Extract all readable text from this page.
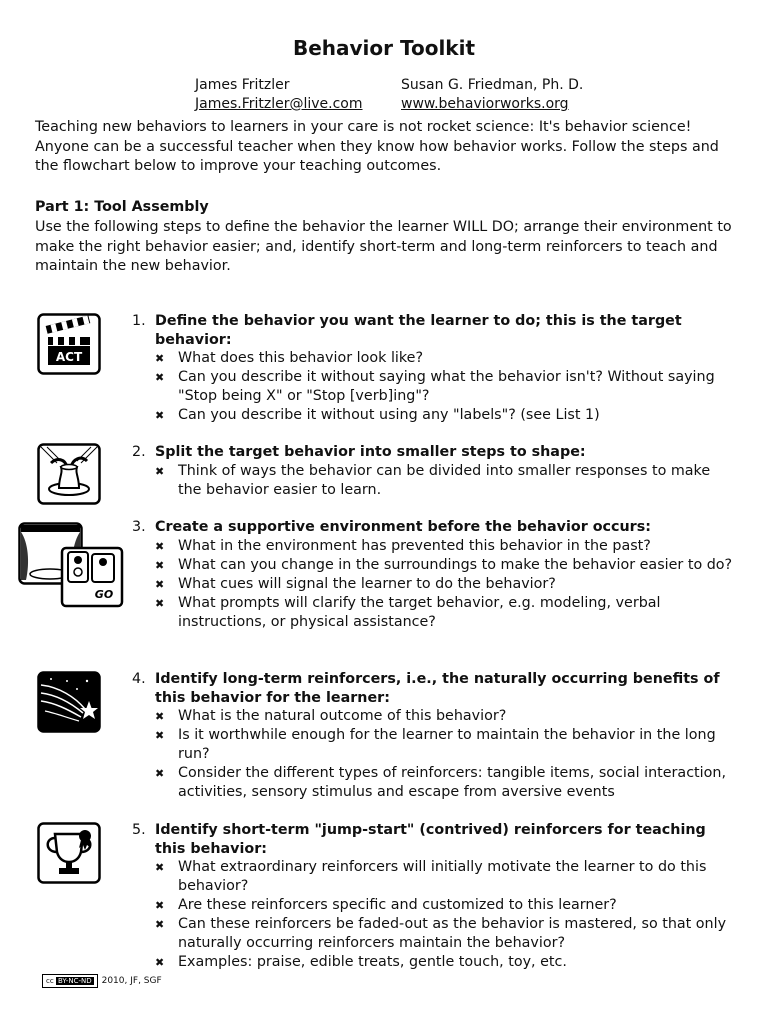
Behavior Toolkit
James Fritzler
James.Fritzler@live.com
Susan G. Friedman, Ph. D.
www.behaviorworks.org

Teaching new behaviors to learners in your care is not rocket science: It's behavior science! Anyone can be a successful teacher when they know how behavior works. Follow the steps and the flowchart below to improve your teaching outcomes.

Part 1: Tool Assembly

Use the following steps to define the behavior the learner WILL DO; arrange their environment to make the right behavior easier; and, identify short-term and long-term reinforcers to teach and maintain the new behavior.

ACT
1. Define the behavior you want the learner to do; this is the target behavior:
✖ What does this behavior look like?
✖ Can you describe it without saying what the behavior isn't? Without saying "Stop being X" or "Stop [verb]ing"?
✖ Can you describe it without using any "labels"? (see List 1)
2. Split the target behavior into smaller steps to shape:
✖ Think of ways the behavior can be divided into smaller responses to make the behavior easier to learn.
GO
3. Create a supportive environment before the behavior occurs:
✖ What in the environment has prevented this behavior in the past?
✖ What can you change in the surroundings to make the behavior easier to do?
✖ What cues will signal the learner to do the behavior?
✖ What prompts will clarify the target behavior, e.g. modeling, verbal instructions, or physical assistance?
4. Identify long-term reinforcers, i.e., the naturally occurring benefits of this behavior for the learner:
✖ What is the natural outcome of this behavior?
✖ Is it worthwhile enough for the learner to maintain the behavior in the long run?
✖ Consider the different types of reinforcers: tangible items, social interaction, activities, sensory stimulus and escape from aversive events
5. Identify short-term "jump-start" (contrived) reinforcers for teaching this behavior:
✖ What extraordinary reinforcers will initially motivate the learner to do this behavior?
✖ Are these reinforcers specific and customized to this learner?
✖ Can these reinforcers be faded-out as the behavior is mastered, so that only naturally occurring reinforcers maintain the behavior?
✖ Examples: praise, edible treats, gentle touch, toy, etc.
cc BY-NC-ND	2010, JF, SGF
